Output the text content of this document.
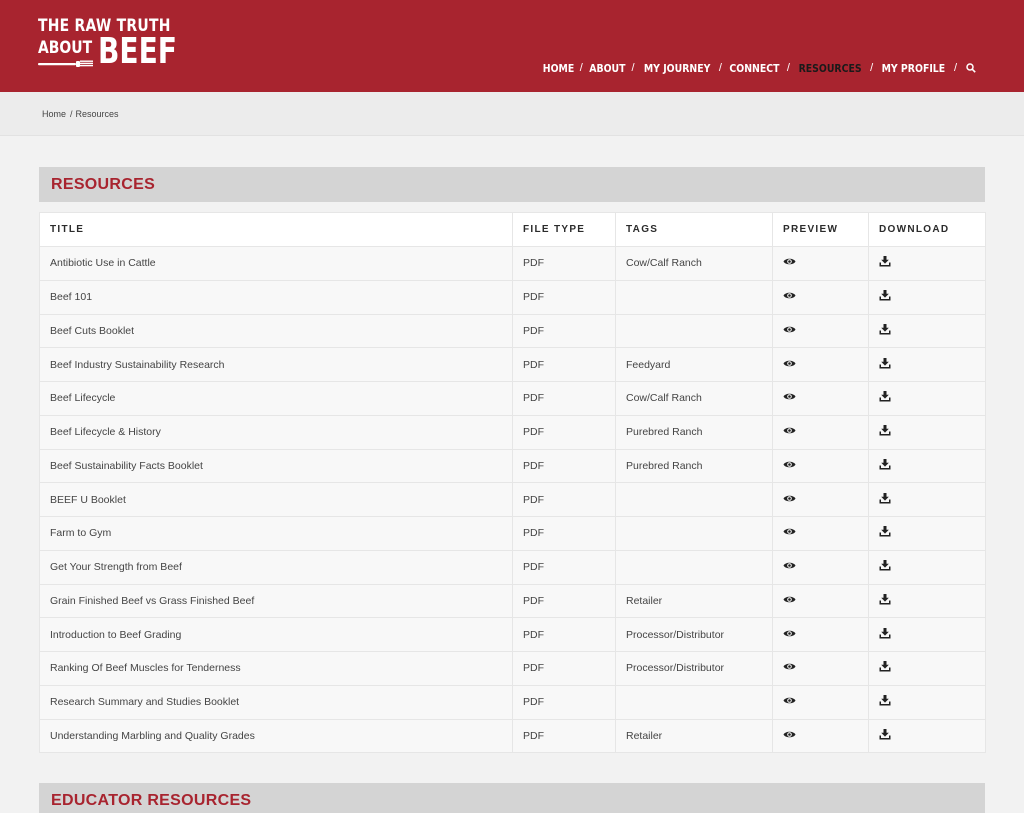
THE RAW TRUTH
ABOUT BEEF	HOME / ABOUT / MY JOURNEY / CONNECT / RESOURCES / MY PROFILE /
Home / Resources
RESOURCES
TITLE	FILE TYPE	TAGS	PREVIEW	DOWNLOAD
Antibiotic Use in Cattle	PDF	Cow/Calf Ranch		
Beef 101	PDF			
Beef Cuts Booklet	PDF			
Beef Industry Sustainability Research	PDF	Feedyard		
Beef Lifecycle	PDF	Cow/Calf Ranch		
Beef Lifecycle & History	PDF	Purebred Ranch		
Beef Sustainability Facts Booklet	PDF	Purebred Ranch		
BEEF U Booklet	PDF			
Farm to Gym	PDF			
Get Your Strength from Beef	PDF			
Grain Finished Beef vs Grass Finished Beef	PDF	Retailer		
Introduction to Beef Grading	PDF	Processor/Distributor		
Ranking Of Beef Muscles for Tenderness	PDF	Processor/Distributor		
Research Summary and Studies Booklet	PDF			
Understanding Marbling and Quality Grades	PDF	Retailer		
EDUCATOR RESOURCES
